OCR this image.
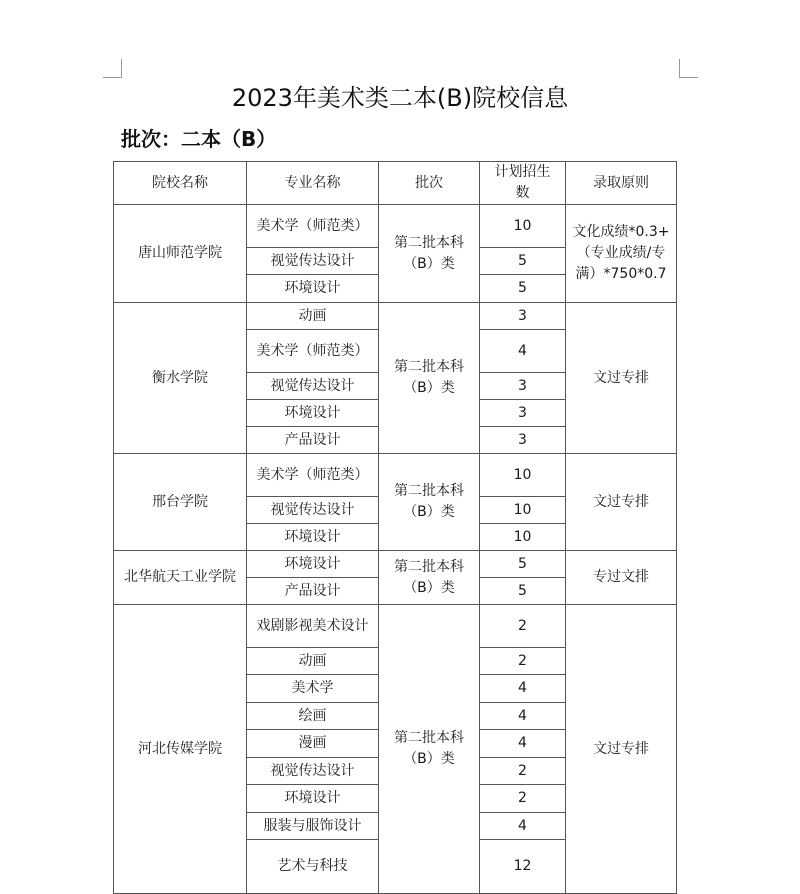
2023年美术类二本(B)院校信息
批次：二本（B）
院校名称	专业名称	批次	计划招生数	录取原则
唐山师范学院	美术学（师范类）	第二批本科（B）类	10	文化成绩*0.3+（专业成绩/专满）*750*0.7
	视觉传达设计		5	
	环境设计		5	
衡水学院	动画	第二批本科（B）类	3	文过专排
	美术学（师范类）		4	
	视觉传达设计		3	
	环境设计		3	
	产品设计		3	
邢台学院	美术学（师范类）	第二批本科（B）类	10	文过专排
	视觉传达设计		10	
	环境设计		10	
北华航天工业学院	环境设计	第二批本科（B）类	5	专过文排
	产品设计		5	
河北传媒学院	戏剧影视美术设计	第二批本科（B）类	2	文过专排
	动画		2	
	美术学		4	
	绘画		4	
	漫画		4	
	视觉传达设计		2	
	环境设计		2	
	服装与服饰设计		4	
	艺术与科技		12	
